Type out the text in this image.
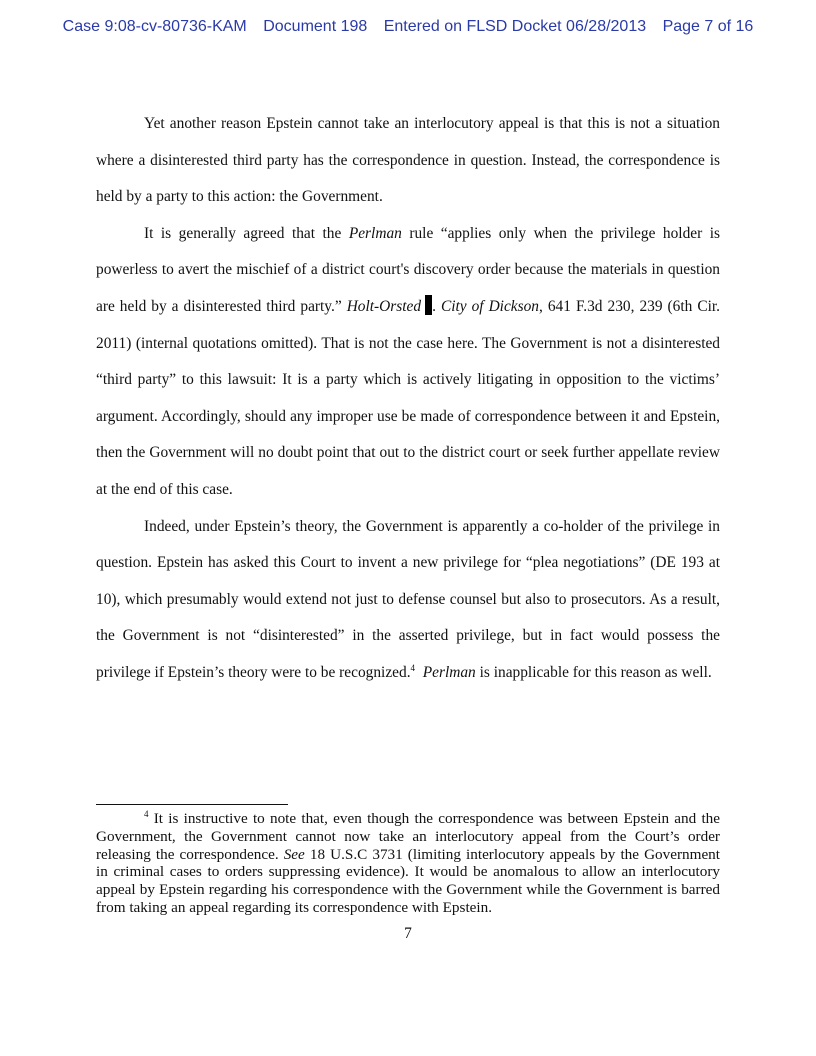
Case 9:08-cv-80736-KAM Document 198 Entered on FLSD Docket 06/28/2013 Page 7 of 16

Yet another reason Epstein cannot take an interlocutory appeal is that this is not a situation where a disinterested third party has the correspondence in question. Instead, the correspondence is held by a party to this action: the Government.

It is generally agreed that the Perlman rule “applies only when the privilege holder is powerless to avert the mischief of a district court's discovery order because the materials in question are held by a disinterested third party.” Holt-Orsted . City of Dickson, 641 F.3d 230, 239 (6th Cir. 2011) (internal quotations omitted). That is not the case here. The Government is not a disinterested “third party” to this lawsuit: It is a party which is actively litigating in opposition to the victims’ argument. Accordingly, should any improper use be made of correspondence between it and Epstein, then the Government will no doubt point that out to the district court or seek further appellate review at the end of this case.

Indeed, under Epstein’s theory, the Government is apparently a co-holder of the privilege in question. Epstein has asked this Court to invent a new privilege for “plea negotiations” (DE 193 at 10), which presumably would extend not just to defense counsel but also to prosecutors. As a result, the Government is not “disinterested” in the asserted privilege, but in fact would possess the privilege if Epstein’s theory were to be recognized.$^4$ Perlman is inapplicable for this reason as well.

$^4$ It is instructive to note that, even though the correspondence was between Epstein and the Government, the Government cannot now take an interlocutory appeal from the Court’s order releasing the correspondence. See 18 U.S.C 3731 (limiting interlocutory appeals by the Government in criminal cases to orders suppressing evidence). It would be anomalous to allow an interlocutory appeal by Epstein regarding his correspondence with the Government while the Government is barred from taking an appeal regarding its correspondence with Epstein.

7
